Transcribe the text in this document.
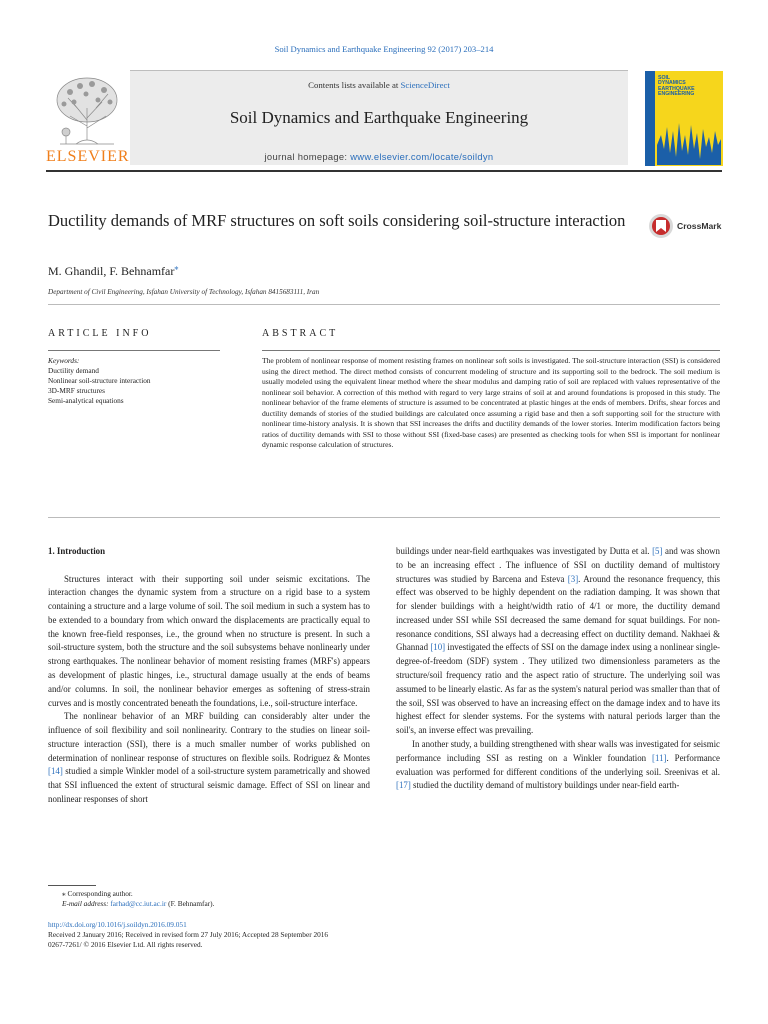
Soil Dynamics and Earthquake Engineering 92 (2017) 203–214
Contents lists available at ScienceDirect
Soil Dynamics and Earthquake Engineering
journal homepage: www.elsevier.com/locate/soildyn
ELSEVIER
SOIL
DYNAMICS
EARTHQUAKE
ENGINEERING
Ductility demands of MRF structures on soft soils considering soil-structure interaction	CrossMark
M. Ghandil, F. Behnamfar⁎
Department of Civil Engineering, Isfahan University of Technology, Isfahan 8415683111, Iran
ARTICLE INFO	ABSTRACT
Keywords:
Ductility demand
Nonlinear soil-structure interaction
3D-MRF structures
Semi-analytical equations
The problem of nonlinear response of moment resisting frames on nonlinear soft soils is investigated. The soil-structure interaction (SSI) is considered using the direct method. The direct method consists of concurrent modeling of structure and its supporting soil to the bedrock. The soil medium is usually modeled using the equivalent linear method where the shear modulus and damping ratio of soil are replaced with values representative of the nonlinear soil behavior. A correction of this method with regard to very large strains of soil at and around foundations is proposed in this study. The nonlinear behavior of the frame elements of structure is assumed to be concentrated at plastic hinges at the ends of members. Drifts, shear forces and ductility demands of stories of the studied buildings are calculated once assuming a rigid base and then a soft supporting soil for the structure with nonlinear time-history analysis. It is shown that SSI increases the drifts and ductility demands of the lower stories. Interim modification factors being ratios of ductility demands with SSI to those without SSI (fixed-base cases) are presented as checking tools for when SSI is important for nonlinear dynamic response calculation of structures.
1. Introduction

Structures interact with their supporting soil under seismic excitations. The interaction changes the dynamic system from a structure on a rigid base to a system containing a structure and a large volume of soil. The soil medium in such a system has to be extended to a boundary from which onward the displacements are practically equal to the known free-field responses, i.e., the ground when no structure is present. In such a soil-structure system, both the structure and the soil subsystems behave nonlinearly under strong earthquakes. The nonlinear behavior of moment resisting frames (MRF's) appears as development of plastic hinges, i.e., structural damage usually at the ends of beams and/or columns. In soil, the nonlinear behavior emerges as softening of stress-strain curves and is mostly concentrated beneath the foundations, i.e., soil-structure interface.

The nonlinear behavior of an MRF building can considerably alter under the influence of soil flexibility and soil nonlinearity. Contrary to the studies on linear soil-structure interaction (SSI), there is a much smaller number of works published on determination of nonlinear response of structures on flexible soils. Rodriguez & Montes [14] studied a simple Winkler model of a soil-structure system parametrically and showed that SSI influenced the extent of structural seismic damage. Effect of SSI on linear and nonlinear responses of short

buildings under near-field earthquakes was investigated by Dutta et al. [5] and was shown to be an increasing effect . The influence of SSI on ductility demand of multistory structures was studied by Barcena and Esteva [3]. Around the resonance frequency, this effect was observed to be highly dependent on the radiation damping. It was shown that for slender buildings with a height/width ratio of 4/1 or more, the ductility demand increased under SSI while SSI decreased the same demand for squat buildings. For non-resonance conditions, SSI always had a decreasing effect on ductility demand. Nakhaei & Ghannad [10] investigated the effects of SSI on the damage index using a nonlinear single-degree-of-freedom (SDF) system . They utilized two dimensionless parameters as the structure/soil frequency ratio and the aspect ratio of structure. The underlying soil was assumed to be linearly elastic. As far as the system's natural period was smaller than that of the soil, SSI was observed to have an increasing effect on the damage index and to have its highest effect for slender systems. For the systems with natural periods larger than the soil's, an inverse effect was prevailing.

In another study, a building strengthened with shear walls was investigated for seismic performance including SSI as resting on a Winkler foundation [11]. Performance evaluation was performed for different conditions of the underlying soil. Sreenivas et al. [17] studied the ductility demand of multistory buildings under near-field earth-

⁎ Corresponding author.
E-mail address: farhad@cc.iut.ac.ir (F. Behnamfar).
http://dx.doi.org/10.1016/j.soildyn.2016.09.051
Received 2 January 2016; Received in revised form 27 July 2016; Accepted 28 September 2016
0267-7261/ © 2016 Elsevier Ltd. All rights reserved.
